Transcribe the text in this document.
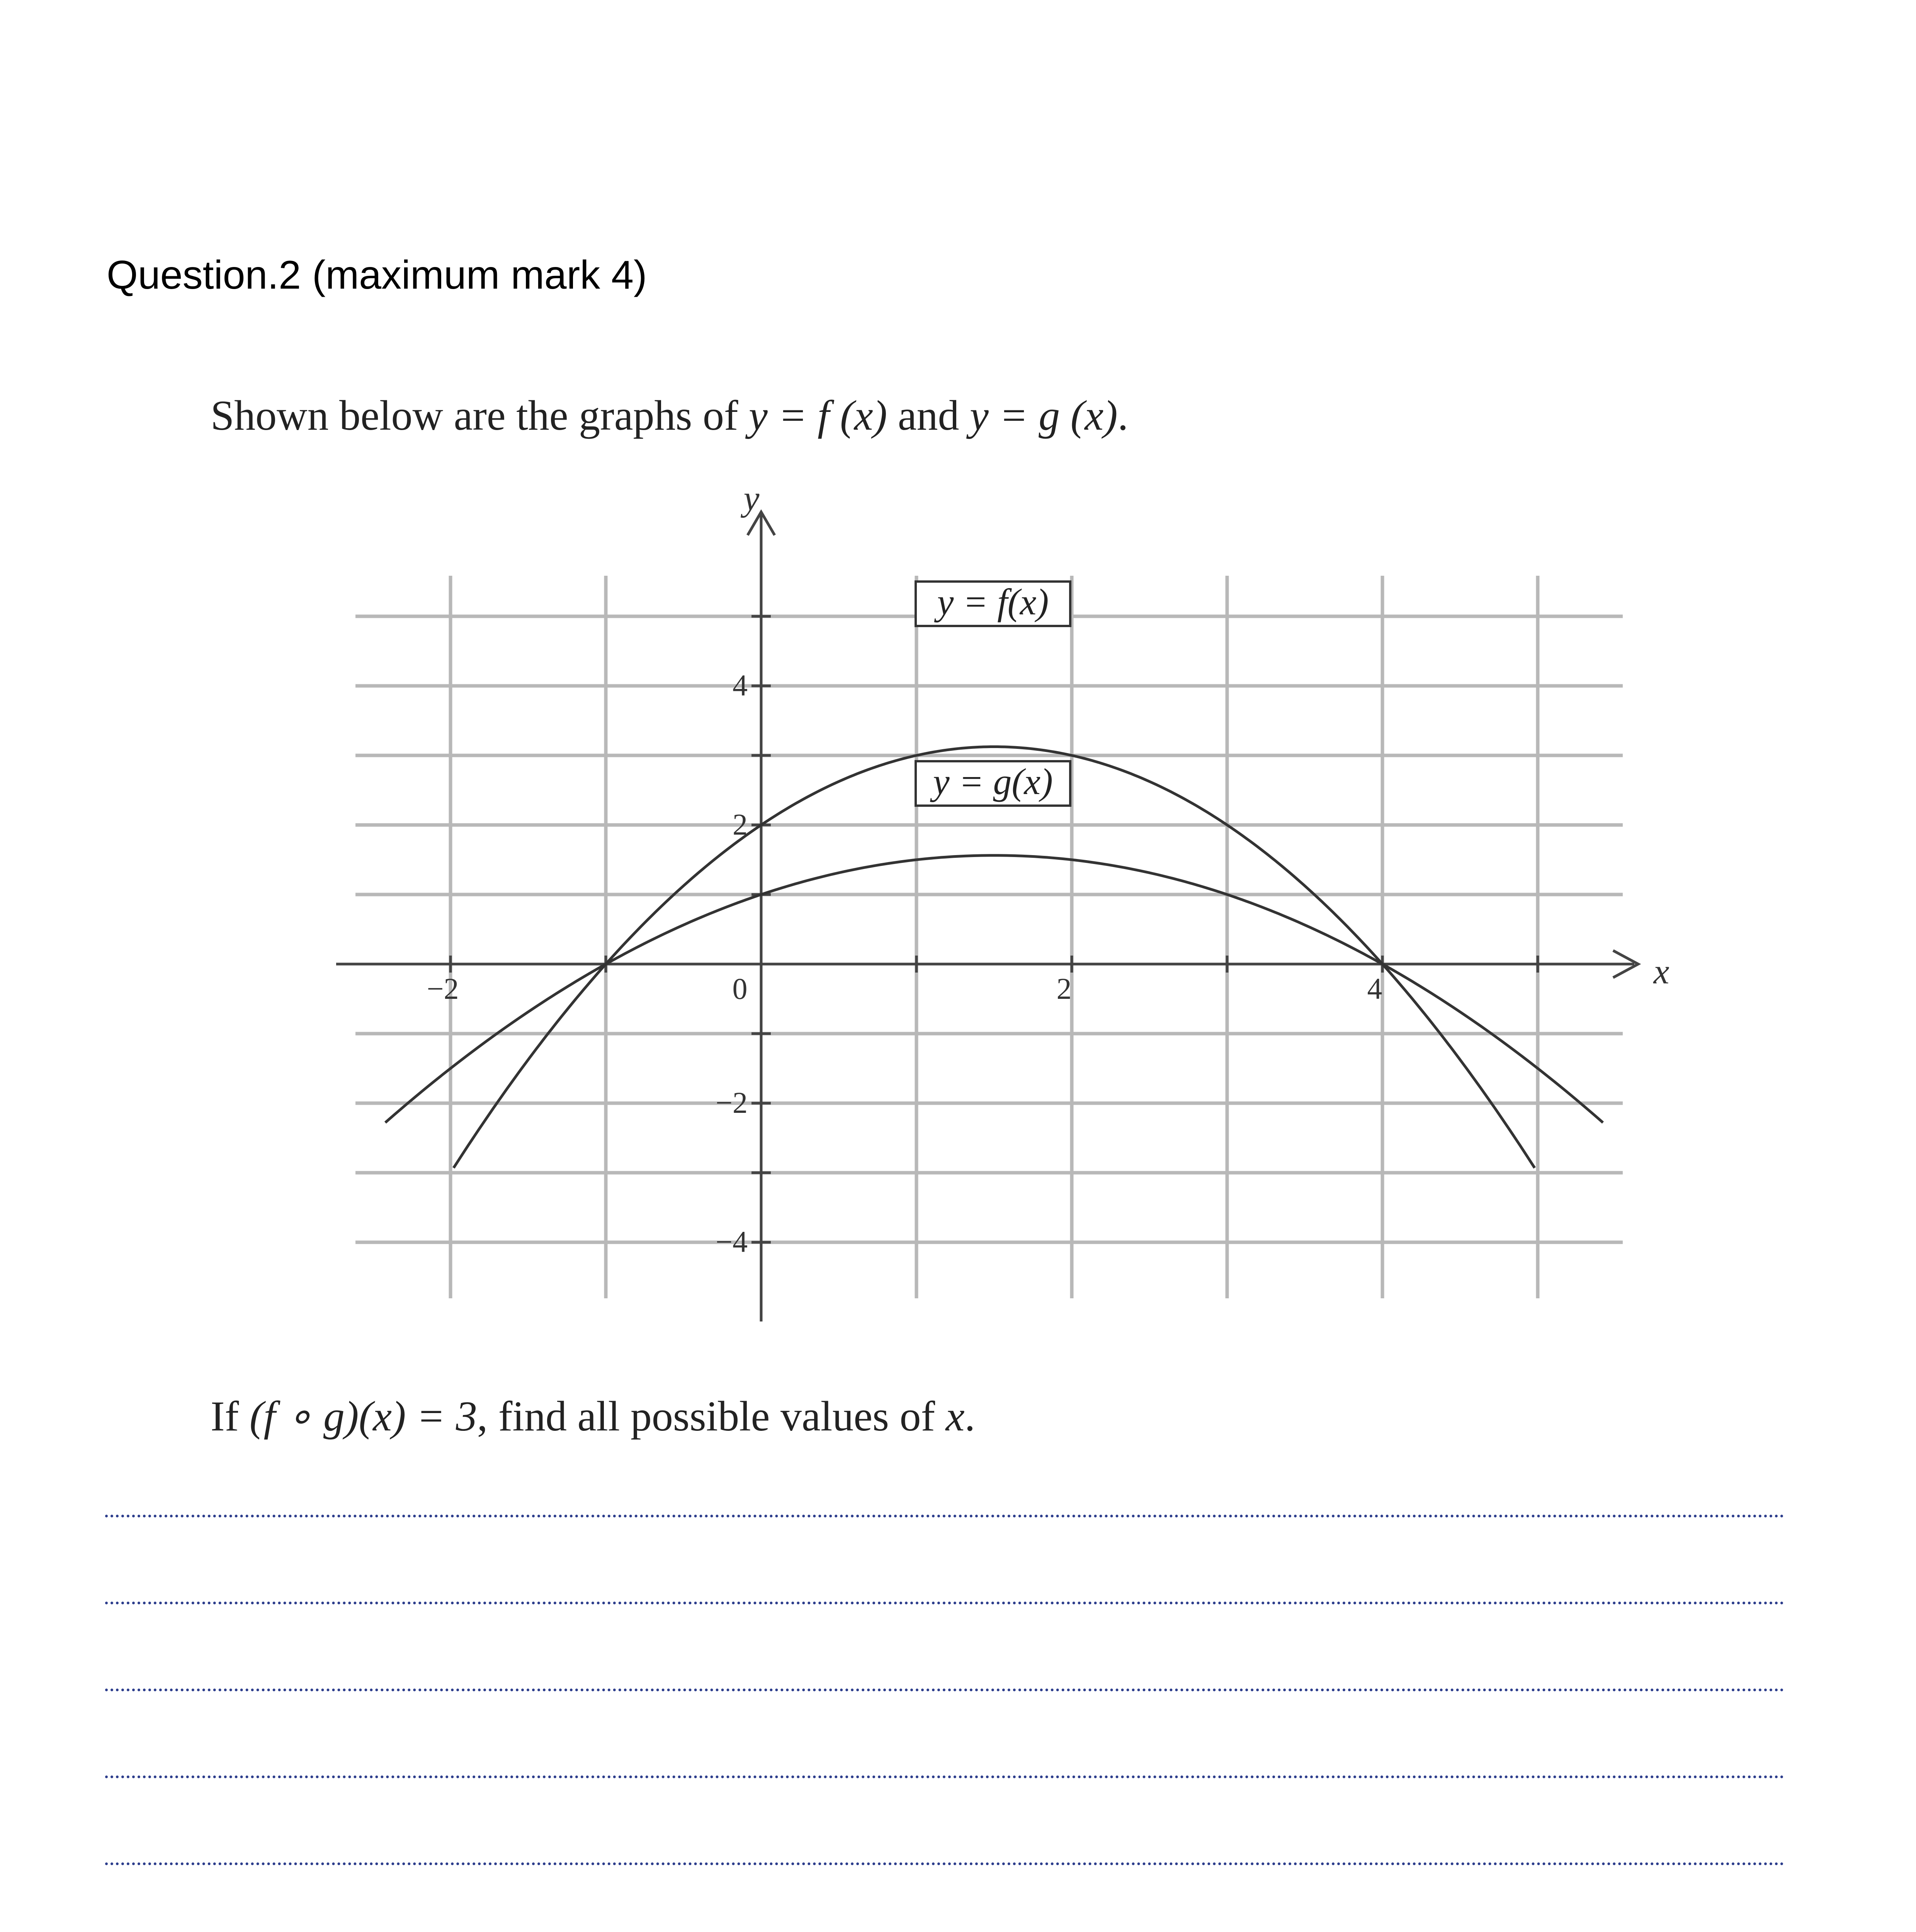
Question.2 (maximum mark 4)
Shown below are the graphs of y = f (x) and y = g (x).
−2	0	2	4
4
2
−2
−4
y
x
y = f(x)
y = g(x)
If (f ∘ g)(x) = 3, find all possible values of x.
